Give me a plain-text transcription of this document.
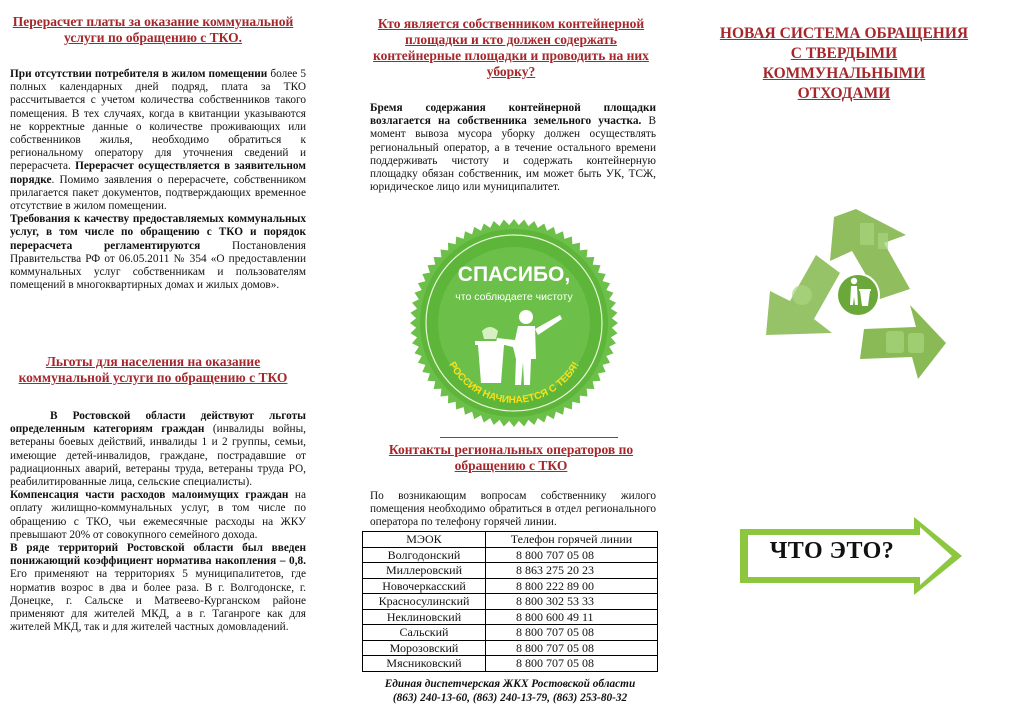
Перерасчет платы за оказание коммунальной услуги по обращению с ТКО.

При отсутствии потребителя в жилом помещении более 5 полных календарных дней подряд, плата за ТКО рассчитывается с учетом количества собственников такого помещения. В тех случаях, когда в квитанции указываются не корректные данные о количестве проживающих или собственников жилья, необходимо обратиться к региональному оператору для уточнения сведений и перерасчета. Перерасчет осуществляется в заявительном порядке. Помимо заявления о перерасчете, собственником прилагается пакет документов, подтверждающих временное отсутствие в жилом помещении.

Требования к качеству предоставляемых коммунальных услуг, в том числе по обращению с ТКО и порядок перерасчета регламентируются Постановления Правительства РФ от 06.05.2011 № 354 «О предоставлении коммунальных услуг собственникам и пользователям помещений в многоквартирных домах и жилых домов».

Льготы для населения на оказание коммунальной услуги по обращению с ТКО

В Ростовской области действуют льготы определенным категориям граждан (инвалиды войны, ветераны боевых действий, инвалиды 1 и 2 группы, семьи, имеющие детей-инвалидов, граждане, пострадавшие от радиационных аварий, ветераны труда, ветераны труда РО, реабилитированные лица, сельские специалисты).

Компенсация части расходов малоимущих граждан на оплату жилищно-коммунальных услуг, в том числе по обращению с ТКО, чьи ежемесячные расходы на ЖКУ превышают 20% от совокупного семейного дохода.

В ряде территорий Ростовской области был введен понижающий коэффициент норматива накопления – 0,8. Его применяют на территориях 5 муниципалитетов, где норматив возрос в два и более раза. В г. Волгодонске, г. Донецке, г. Сальске и Матвеево-Курганском районе применяют для жителей МКД, а в г. Таганроге как для жителей МКД, так и для жителей частных домовладений.

Кто является собственником контейнерной площадки и кто должен содержать контейнерные площадки и проводить на них уборку?

Бремя содержания контейнерной площадки возлагается на собственника земельного участка. В момент вывоза мусора уборку должен осуществлять региональный оператор, а в течение остального времени поддерживать чистоту и содержать контейнерную площадку обязан собственник, им может быть УК, ТСЖ, юридическое лицо или муниципалитет.

СПАСИБО,
что соблюдаете чистоту
РОССИЯ НАЧИНАЕТСЯ С ТЕБЯ!
Контакты региональных операторов по обращению с ТКО

По возникающим вопросам собственнику жилого помещения необходимо обратиться в отдел регионального оператора по телефону горячей линии.

МЭОК	Телефон горячей линии
Волгодонский	8 800 707 05 08
Миллеровский	8 863 275 20 23
Новочеркасский	8 800 222 89 00
Красносулинский	8 800 302 53 33
Неклиновский	8 800 600 49 11
Сальский	8 800 707 05 08
Морозовский	8 800 707 05 08
Мясниковский	8 800 707 05 08
Единая диспетчерская ЖКХ Ростовской области
(863) 240-13-60, (863) 240-13-79, (863) 253-80-32
НОВАЯ СИСТЕМА ОБРАЩЕНИЯ
С ТВЕРДЫМИ
КОММУНАЛЬНЫМИ
ОТХОДАМИ
ЧТО ЭТО?
